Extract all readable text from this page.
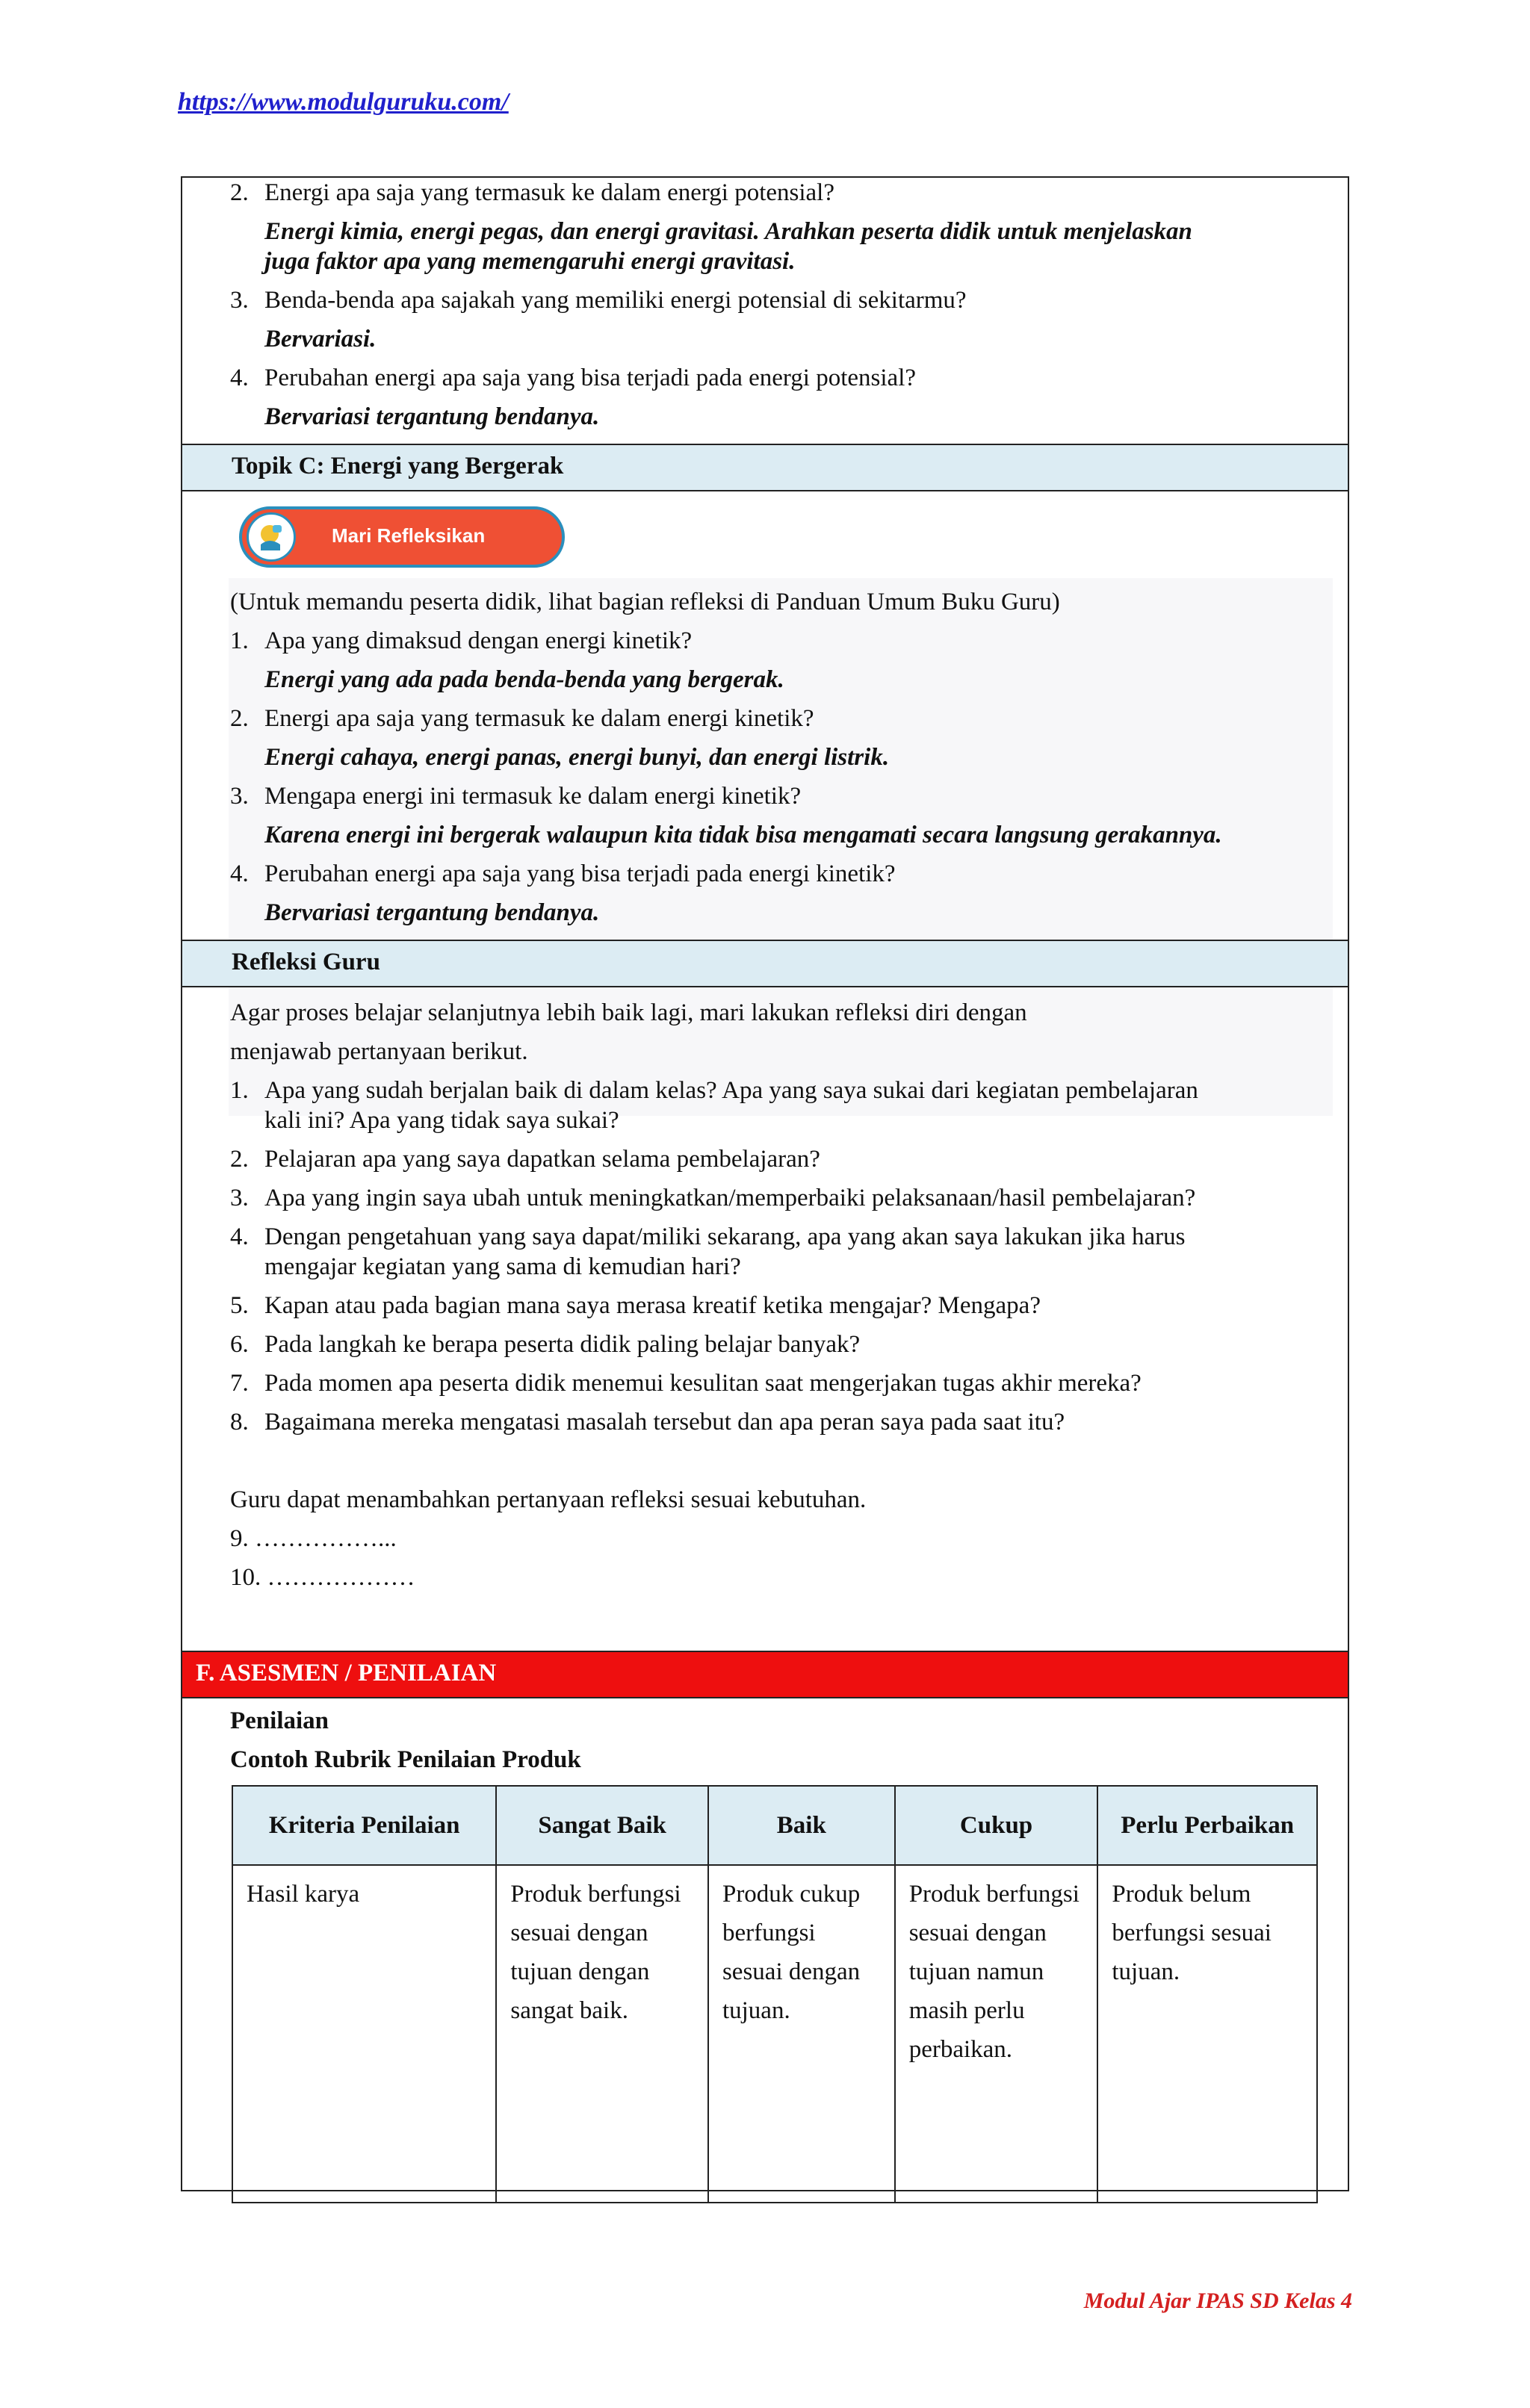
https://www.modulguruku.com/
2. Energi apa saja yang termasuk ke dalam energi potensial?
Energi kimia, energi pegas, dan energi gravitasi. Arahkan peserta didik untuk menjelaskan
juga faktor apa yang memengaruhi energi gravitasi.
3. Benda-benda apa sajakah yang memiliki energi potensial di sekitarmu?
Bervariasi.
4. Perubahan energi apa saja yang bisa terjadi pada energi potensial?
Bervariasi tergantung bendanya.
Topik C: Energi yang Bergerak
Mari Refleksikan
(Untuk memandu peserta didik, lihat bagian refleksi di Panduan Umum Buku Guru)
1. Apa yang dimaksud dengan energi kinetik?
Energi yang ada pada benda-benda yang bergerak.
2. Energi apa saja yang termasuk ke dalam energi kinetik?
Energi cahaya, energi panas, energi bunyi, dan energi listrik.
3. Mengapa energi ini termasuk ke dalam energi kinetik?
Karena energi ini bergerak walaupun kita tidak bisa mengamati secara langsung gerakannya.
4. Perubahan energi apa saja yang bisa terjadi pada energi kinetik?
Bervariasi tergantung bendanya.
Refleksi Guru
Agar proses belajar selanjutnya lebih baik lagi, mari lakukan refleksi diri dengan
menjawab pertanyaan berikut.
1. Apa yang sudah berjalan baik di dalam kelas? Apa yang saya sukai dari kegiatan pembelajaran
kali ini? Apa yang tidak saya sukai?
2. Pelajaran apa yang saya dapatkan selama pembelajaran?
3. Apa yang ingin saya ubah untuk meningkatkan/memperbaiki pelaksanaan/hasil pembelajaran?
4. Dengan pengetahuan yang saya dapat/miliki sekarang, apa yang akan saya lakukan jika harus
mengajar kegiatan yang sama di kemudian hari?
5. Kapan atau pada bagian mana saya merasa kreatif ketika mengajar? Mengapa?
6. Pada langkah ke berapa peserta didik paling belajar banyak?
7. Pada momen apa peserta didik menemui kesulitan saat mengerjakan tugas akhir mereka?
8. Bagaimana mereka mengatasi masalah tersebut dan apa peran saya pada saat itu?
Guru dapat menambahkan pertanyaan refleksi sesuai kebutuhan.
9. ……………...
10. ………………
F. ASESMEN / PENILAIAN
Penilaian
Contoh Rubrik Penilaian Produk
Kriteria Penilaian	Sangat Baik	Baik	Cukup	Perlu Perbaikan
Hasil karya	Produk berfungsi sesuai dengan tujuan dengan sangat baik.	Produk cukup berfungsi sesuai dengan tujuan.	Produk berfungsi sesuai dengan tujuan namun masih perlu perbaikan.	Produk belum berfungsi sesuai tujuan.
Modul Ajar IPAS SD Kelas 4
